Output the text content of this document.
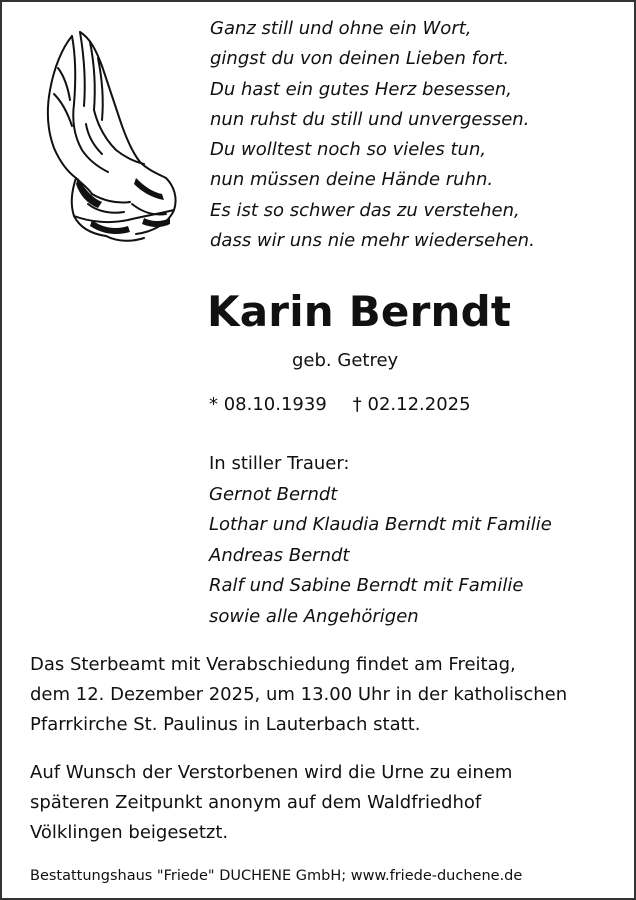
Ganz still und ohne ein Wort,
gingst du von deinen Lieben fort.
Du hast ein gutes Herz besessen,
nun ruhst du still und unvergessen.
Du wolltest noch so vieles tun,
nun müssen deine Hände ruhn.
Es ist so schwer das zu verstehen,
dass wir uns nie mehr wiedersehen.
Karin Berndt
geb. Getrey
* 08.10.1939 † 02.12.2025
In stiller Trauer:
Gernot Berndt
Lothar und Klaudia Berndt mit Familie
Andreas Berndt
Ralf und Sabine Berndt mit Familie
sowie alle Angehörigen
Das Sterbeamt mit Verabschiedung findet am Freitag,
dem 12. Dezember 2025, um 13.00 Uhr in der katholischen
Pfarrkirche St. Paulinus in Lauterbach statt.
Auf Wunsch der Verstorbenen wird die Urne zu einem
späteren Zeitpunkt anonym auf dem Waldfriedhof
Völklingen beigesetzt.
Bestattungshaus "Friede" DUCHENE GmbH; www.friede-duchene.de
